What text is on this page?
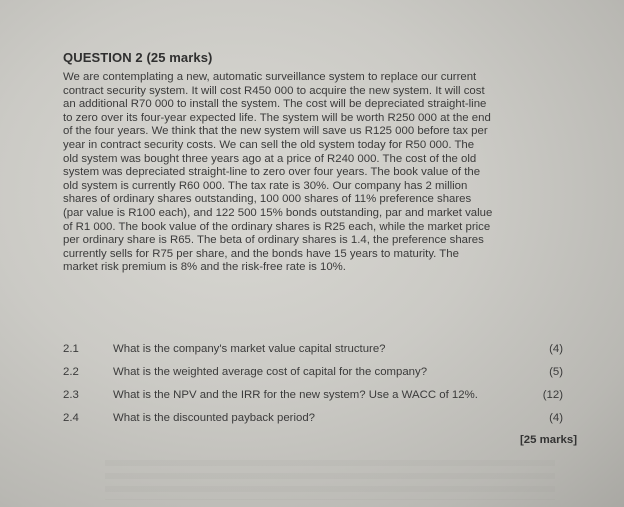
QUESTION 2 (25 marks)
We are contemplating a new, automatic surveillance system to replace our current
contract security system. It will cost R450 000 to acquire the new system. It will cost
an additional R70 000 to install the system. The cost will be depreciated straight-line
to zero over its four-year expected life. The system will be worth R250 000 at the end
of the four years. We think that the new system will save us R125 000 before tax per
year in contract security costs. We can sell the old system today for R50 000. The
old system was bought three years ago at a price of R240 000. The cost of the old
system was depreciated straight-line to zero over four years. The book value of the
old system is currently R60 000. The tax rate is 30%. Our company has 2 million
shares of ordinary shares outstanding, 100 000 shares of 11% preference shares
(par value is R100 each), and 122 500 15% bonds outstanding, par and market value
of R1 000. The book value of the ordinary shares is R25 each, while the market price
per ordinary share is R65. The beta of ordinary shares is 1.4, the preference shares
currently sells for R75 per share, and the bonds have 15 years to maturity. The
market risk premium is 8% and the risk-free rate is 10%.
2.1	What is the company's market value capital structure?	(4)
2.2	What is the weighted average cost of capital for the company?	(5)
2.3	What is the NPV and the IRR for the new system? Use a WACC of 12%.	(12)
2.4	What is the discounted payback period?	(4)
[25 marks]
